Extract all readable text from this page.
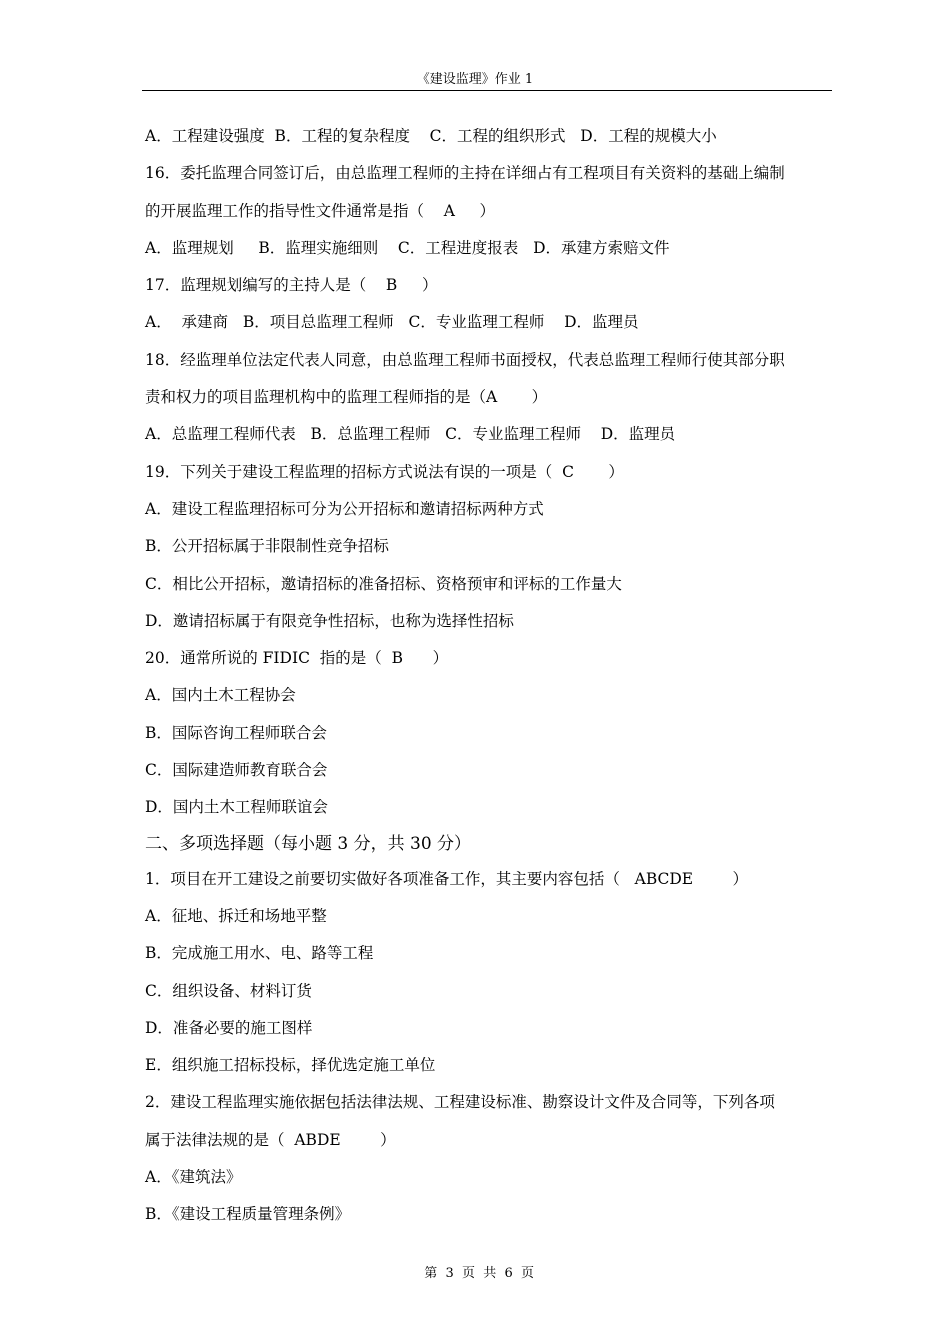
《建设监理》作业 1
A．工程建设强度  B．工程的复杂程度    C．工程的组织形式   D．工程的规模大小
16．委托监理合同签订后，由总监理工程师的主持在详细占有工程项目有关资料的基础上编制
的开展监理工作的指导性文件通常是指（    A     ）
A．监理规划     B．监理实施细则    C．工程进度报表   D．承建方索赔文件
17．监理规划编写的主持人是（    B     ）
A．  承建商   B．项目总监理工程师   C．专业监理工程师    D．监理员
18．经监理单位法定代表人同意，由总监理工程师书面授权，代表总监理工程师行使其部分职
责和权力的项目监理机构中的监理工程师指的是（A       ）
A．总监理工程师代表   B．总监理工程师   C．专业监理工程师    D．监理员
19．下列关于建设工程监理的招标方式说法有误的一项是（  C       ）
A．建设工程监理招标可分为公开招标和邀请招标两种方式
B．公开招标属于非限制性竞争招标
C．相比公开招标，邀请招标的准备招标、资格预审和评标的工作量大
D．邀请招标属于有限竞争性招标，也称为选择性招标
20．通常所说的 FIDIC  指的是（  B      ）
A．国内土木工程协会
B．国际咨询工程师联合会
C．国际建造师教育联合会
D．国内土木工程师联谊会
二、多项选择题（每小题 3 分，共 30 分）
1．项目在开工建设之前要切实做好各项准备工作，其主要内容包括（   ABCDE        ）
A．征地、拆迁和场地平整
B．完成施工用水、电、路等工程
C．组织设备、材料订货
D．准备必要的施工图样
E．组织施工招标投标，择优选定施工单位
2．建设工程监理实施依据包括法律法规、工程建设标准、勘察设计文件及合同等，下列各项
属于法律法规的是（  ABDE        ）
A．《建筑法》
B．《建设工程质量管理条例》

第  3  页  共  6  页
